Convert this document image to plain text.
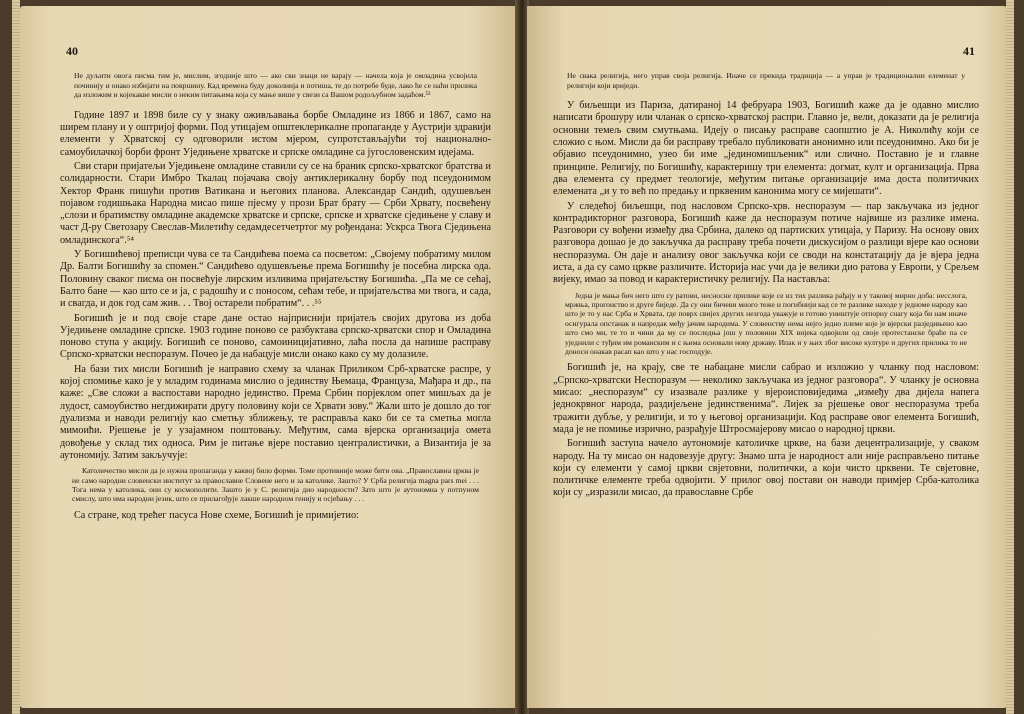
40

Не дуљити овога писма тим је, мислим, згодније што — ако сви знаци не варају — начела која је омладина усвојила починију и онако избијати на површину. Кад времена буду доколнија и потиша, те до потребе буде, лако ће се наћи прилика да изложим и којекакве мисли о неким питањима која су мање више у свези са Вашом родољубном задаћом.⁵³

Године 1897 и 1898 биле су у знаку оживљавања борбе Омладине из 1866 и 1867, само на ширем плану и у оштријој форми. Под утицајем општеклерикалне пропаганде у Аустрији здравији елементи у Хрватској су одговорили истом мјером, супротстављајући тој национално-самоубилачкој борби фронт Уједињене хрватске и српске омладине са југословенским идејама.

Сви стари пријатељи Уједињене омладине ставили су се на браник српско-хрватског братства и солидарности. Стари Имбро Ткалац појачава своју антиклерикалну борбу под псеудонимом Хектор Франк пишући против Ватикана и његових планова. Александар Сандић, одушевљен појавом годишњака Народна мисао пише пјесму у прози Брат брату — Срби Хрвату, посвећену „слози и братимству омладине академске хрватске и српске, српске и хрватске сједињене у славу и част Д-ру Светозару Свеслав-Милетићу седамдесетчетртог му рођендана: Ускрса Твога Сједињена омладинскога“.⁵⁴

У Богишићевој преписци чува се та Сандићева поема са посветом: „Својему побратиму милом Др. Балти Богишићу за спомен.“ Сандићево одушевљење према Богишићу је посебна лирска ода. Половину сваког писма он посвећује лирским изливима пријатељству Богишића. „Па ме се сећај, Балто бане — као што се и ја, с радошћу и с поносом, сећам тебе, и пријатељства ми твога, и сада, и свагда, и док год сам жив. . . Твој остарели побратим“. . .⁵⁵

Богишић је и под своје старе дане остао најприснији пријатељ својих другова из доба Уједињене омладине српске. 1903 године поново се разбуктава српско-хрватски спор и Омладина поново ступа у акцију. Богишић се поново, самоиницијативно, лаћа посла да напише расправу Српско-хрватски неспоразум. Почео је да набацује мисли онако како су му долазиле.

На бази тих мисли Богишић је направио схему за чланак Приликом Срб-хрватске распре, у којој спомиње како је у младим годинама мислио о јединству Њемаца, Француза, Мађара и др., па каже: „Све сложи а васпостави народно јединство. Према Србин порјеклом опет мишљах да је лудост, самоубиство негдижирати другу половину који се Хрвати зову.“ Жали што је дошло до тог дуализма и наводи религију као сметњу зближењу, те расправља како би се та сметња могла мимоићи. Рјешење је у узајамном поштовању. Међутим, сама вјерска организација омета довођење у склад тих односа. Рим је питање вјере поставио централистички, а Византија је за аутономију. Затим закључује:

Католичество мисли да је нужна пропаганда у каквој било форми. Томе противније може бити ова. „Православна црква је не само народни словенски институт за православне Словене него и за католике. Зашто? У Срба религија magna pars mei . . . Тога нема у католика, они су космополити. Зашто је у С. религија дио народности? Зато што је аутономна у потпуном смислу, што има народни језик, што се прилагођује лакше народном генију и осјећању . . .

Са стране, код трећег пасуса Нове схеме, Богишић је примијетио:

41

Не свака религија, него управ своја религија. Иначе се прекида традиција — а управ је традиционални елеменат у религији који вриједи.

У биљешци из Париза, датираној 14 фебруара 1903, Богишић каже да је одавно мислио написати брошуру или чланак о српско-хрватској распри. Главно је, вели, доказати да је религија основни темељ свим смутњама. Идеју о писању расправе саопштио је А. Николићу који се сложио с њом. Мисли да би расправу требало публиковати анонимно или псеудонимно. Ако би је објавио псеудонимно, узео би име „јединомишљеник“ или слично. Поставио је и главне принципе. Религију, по Богишићу, карактеришу три елемента: догмат, култ и организација. Прва два елемента су предмет теологије, међутим питање организације има доста политичких елемената „и у то већ по предању и прквеним канонима могу се мијешати“.

У следећој биљешци, под насловом Српско-хрв. неспоразум — пар закључака из једног контрадикторног разговора, Богишић каже да неспоразум потиче највише из разлике имена. Разговори су вођени између два Србина, далеко од партиских утицаја, у Паризу. На основу ових разговора дошао је до закључка да расправу треба почети дискусијом о разлици вјере као основи неспоразума. Он даје и анализу овог закључка који се своди на констатацију да је вјера једна иста, а да су само цркве различите. Историја нас учи да је велики дио ратова у Европи, у Срељем вијеку, имао за повод и карактеристичку религију. Па наставља:

Једна је мања бич него што су ратови, несносне прилике које се из тих разлика рађају и у таковој мирно доба: несслога, мржња, прогонство и друге биједе. Да су они бичеви много теже и погибнији кад се те разлике находе у једноме народу као што је то у нас Срба и Хрвата, где поврх свијех других незгода уважује и готово уништује отпорну снагу која би нам иначе осигурала опстанак и напредак међу јачим народима. У словенству нема нејго једно племе које је вјерски разједињено као што смо ми, те то и чини да му се последња још у половини XIX вијека одвојили од своје протестанске браће па се уједнили с туђим им романским и с њима основали нову државу. Ипак и у њих због високе културе и других прилика то не доноси онакав расап као што у нас господује.

Богишић је, на крају, све те набацане мисли сабрао и изложио у чланку под насловом: „Српско-хрватски Неспоразум — неколико закључака из једног разговора“. У чланку је основна мисао: „неспоразум“ су изазвале разлике у вјероисповиједима „између два дијела напега једнокрвног народа, раздијељене јединственима“. Лијек за рјешење овог неспоразума треба тражити дубље, у религији, и то у његовој организацији. Код расправе овог елемента Богишић, мада је не помиње изрично, разрађује Штросмајерову мисао о народној цркви.

Богишић заступа начело аутономије католичке цркве, на бази децентрализације, у сваком народу. На ту мисао он надовезује другу: Знамо шта је народност али није расправљено питање који су елементи у самој цркви свјетовни, политички, а који чисто црквени. Те свјетовне, политичке елементе треба одвојити. У прилог овој постави он наводи примјер Срба-католика који су „изразили мисао, да православне Србе
